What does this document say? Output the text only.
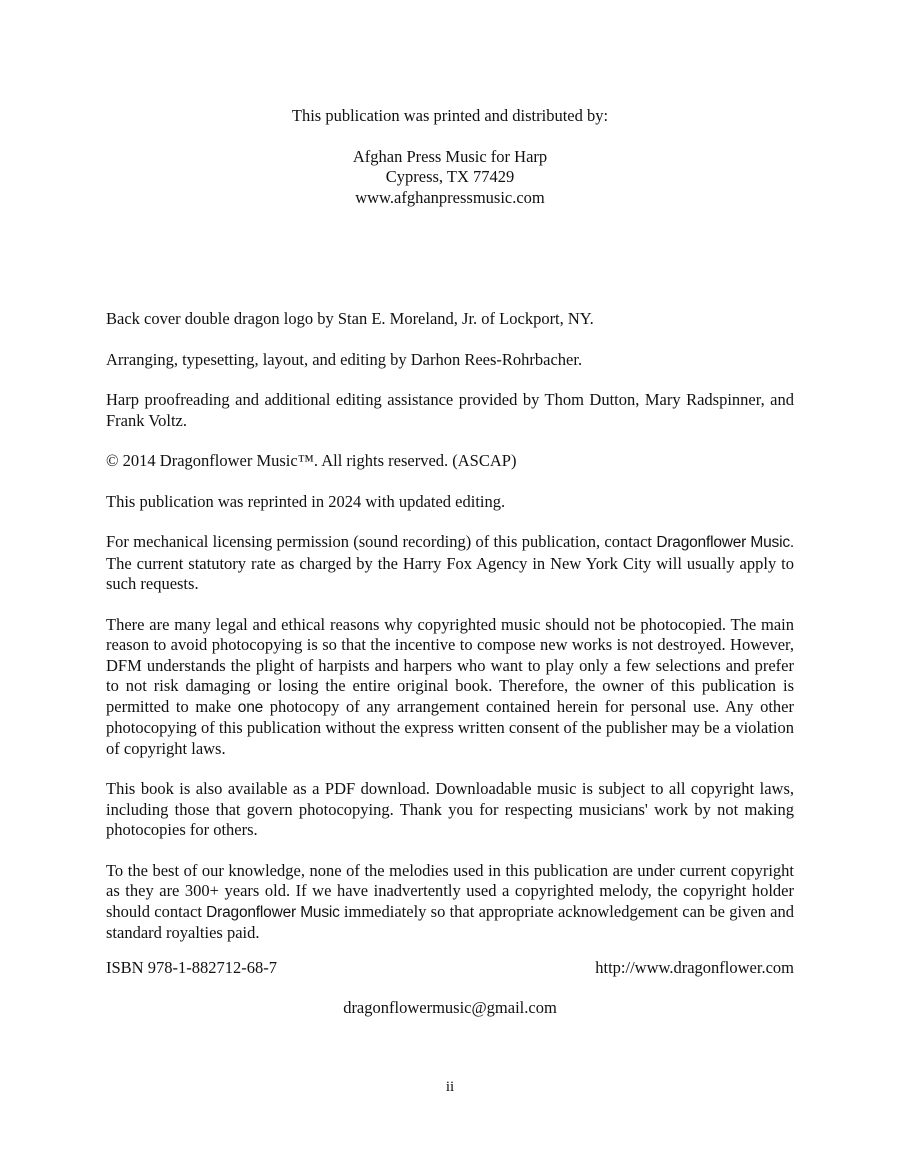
This publication was printed and distributed by:
Afghan Press Music for Harp
Cypress, TX 77429
www.afghanpressmusic.com

Back cover double dragon logo by Stan E. Moreland, Jr. of Lockport, NY.

Arranging, typesetting, layout, and editing by Darhon Rees-Rohrbacher.

Harp proofreading and additional editing assistance provided by Thom Dutton, Mary Radspinner, and Frank Voltz.

© 2014 Dragonflower Music™. All rights reserved. (ASCAP)

This publication was reprinted in 2024 with updated editing.

For mechanical licensing permission (sound recording) of this publication, contact Dragonflower Music. The current statutory rate as charged by the Harry Fox Agency in New York City will usually apply to such requests.

There are many legal and ethical reasons why copyrighted music should not be photocopied. The main reason to avoid photocopying is so that the incentive to compose new works is not destroyed. However, DFM understands the plight of harpists and harpers who want to play only a few selections and prefer to not risk damaging or losing the entire original book. Therefore, the owner of this publication is permitted to make one photocopy of any arrangement contained herein for personal use. Any other photocopying of this publication without the express written consent of the publisher may be a violation of copyright laws.

This book is also available as a PDF download. Downloadable music is subject to all copyright laws, including those that govern photocopying. Thank you for respecting musicians' work by not making photocopies for others.

To the best of our knowledge, none of the melodies used in this publication are under current copyright as they are 300+ years old. If we have inadvertently used a copyrighted melody, the copyright holder should contact Dragonflower Music immediately so that appropriate acknowledgement can be given and standard royalties paid.

ISBN 978-1-882712-68-7	http://www.dragonflower.com
dragonflowermusic@gmail.com
ii
